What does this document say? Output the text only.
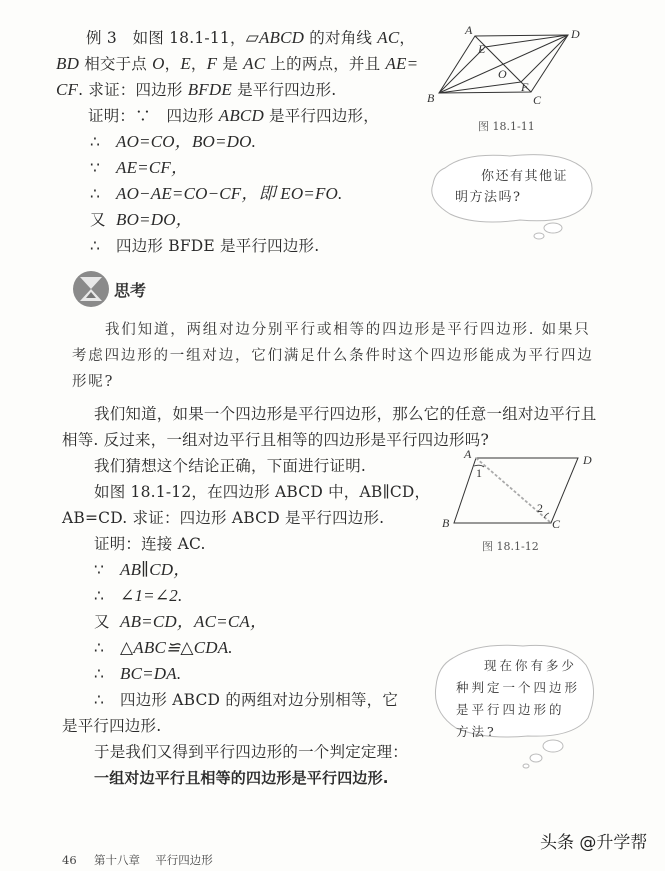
例 3　如图 18.1-11，▱ABCD 的对角线 AC，
BD 相交于点 O，E，F 是 AC 上的两点，并且 AE=
CF. 求证：四边形 BFDE 是平行四边形.
证明：∵　四边形 ABCD 是平行四边形，
∴ AO=CO，BO=DO.
∵ AE=CF，
∴ AO−AE=CO−CF，即 EO=FO.
又 BO=DO，
∴ 四边形 BFDE 是平行四边形.
A	D
E
O
F
B	C
图 18.1-11
你还有其他证
明方法吗?
思考
我们知道，两组对边分别平行或相等的四边形是平行四边形. 如果只
考虑四边形的一组对边，它们满足什么条件时这个四边形能成为平行四边
形呢?
我们知道，如果一个四边形是平行四边形，那么它的任意一组对边平行且
相等. 反过来，一组对边平行且相等的四边形是平行四边形吗?
我们猜想这个结论正确，下面进行证明.
如图 18.1-12，在四边形 ABCD 中，AB∥CD，
AB=CD. 求证：四边形 ABCD 是平行四边形.
证明：连接 AC.
∵ AB∥CD，
∴ ∠1=∠2.
又 AB=CD，AC=CA，
∴ △ABC≌△CDA.
∴ BC=DA.
∴ 四边形 ABCD 的两组对边分别相等，它
是平行四边形.
于是我们又得到平行四边形的一个判定定理：
一组对边平行且相等的四边形是平行四边形.
A	D
B	C
1
2
图 18.1-12
现在你有多少
种判定一个四边形
是平行四边形的
方法?
46 第十八章 平行四边形
头条 @升学帮
